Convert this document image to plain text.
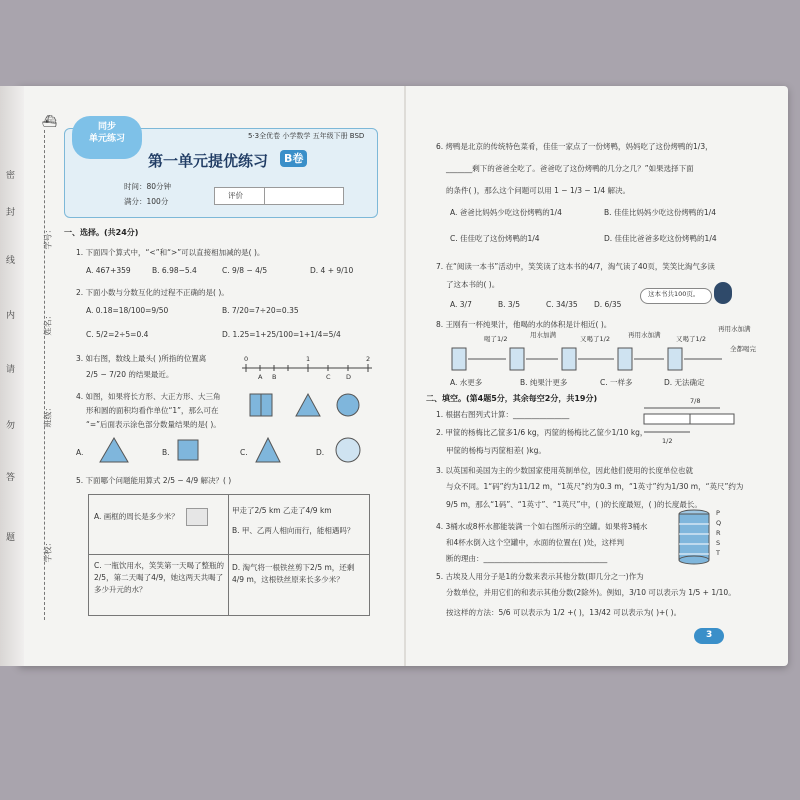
密
封
线
内
请
勿
答
题
学号：
姓名：
班级：
学校：
⛴	同步
单元练习	5·3全优卷 小学数学 五年级下册 BSD
第一单元提优练习	B卷
时间：80分钟
满分：100分
评价
一、选择。(共24分)
1. 下面四个算式中，“<”和“>”可以直接相加减的是( )。
A. 467+359	B. 6.98−5.4	C. 9/8 − 4/5	D. 4 + 9/10
2. 下面小数与分数互化的过程不正确的是( )。
A. 0.18=18/100=9/50	B. 7/20=7÷20=0.35
C. 5/2=2÷5=0.4	D. 1.25=1+25/100=1+1/4=5/4
3. 如右图，数线上最头( )所指的位置离
2/5 − 7/20 的结果最近。
0	1	2
A B	C D
4. 如图，如果将长方形、大正方形、大三角
形和圆的面积均看作单位“1”，那么可在
“=”后面表示涂色部分数量结果的是( )。
A.	B.	C.	D.
5. 下面哪个问题能用算式 2/5 − 4/9 解决？( )
A. 画框的周长是多少米？
甲走了2/5 km 乙走了4/9 km
B. 甲、乙两人相向而行，能相遇吗？
C. 一瓶饮用水，笑笑第一天喝了整瓶的2/5，第二天喝了4/9，她这两天共喝了多少升元的水？
D. 淘气将一根铁丝剪下2/5 m，还剩4/9 m，这根铁丝原来长多少米？
6. 烤鸭是北京的传统特色菜肴，佳佳一家点了一份烤鸭，妈妈吃了这份烤鸭的1/3，
_______剩下的爸爸全吃了。爸爸吃了这份烤鸭的几分之几？”如果选择下面
的条件( )，那么这个问题可以用 1 − 1/3 − 1/4 解决。
A. 爸爸比妈妈少吃这份烤鸭的1/4	B. 佳佳比妈妈少吃这份烤鸭的1/4
C. 佳佳吃了这份烤鸭的1/4	D. 佳佳比爸爸多吃这份烤鸭的1/4
7. 在“阅读一本书”活动中，笑笑读了这本书的4/7，淘气读了40页，笑笑比淘气多读
了这本书的( )。
A. 3/7	B. 3/5	C. 34/35 D. 6/35
这本书共100页。
8. 王刚有一杯纯果汁，他喝的水的体积是计相近( )。
喝了1/2	用水加满	又喝了1/2	再用水加满 又喝了1/2
再用水加满
全都喝完
A. 水更多	B. 纯果汁更多	C. 一样多	D. 无法确定
二、填空。(第4题5分，其余每空2分，共19分)
1. 根据右图列式计算：_______________
7/8
1/2
2. 甲筐的杨梅比乙筐多1/6 kg，丙筐的杨梅比乙筐少1/10 kg，
甲筐的杨梅与丙筐相差( )kg。
3. 以英国和美国为主的少数国家使用英制单位，因此他们使用的长度单位也就
与众不同。1“码”约为11/12 m，“1英尺”约为0.3 m，“1英寸”约为1/30 m，“英尺”约为
9/5 m，那么“1码”、“1英寸”、“1英尺”中，( )的长度最短，( )的长度最长。
4. 3桶水或8杯水都能装满一个如右图所示的空罐。如果将3桶水
和4杯水倒入这个空罐中，水面的位置在( )处，这样判
断的理由：_________________________________
P
Q
R
S
T
5. 古埃及人用分子是1的分数来表示其他分数(即几分之一)作为
分数单位，并用它们的和表示其他分数(2除外)。例如，3/10 可以表示为 1/5 + 1/10。
按这样的方法：5/6 可以表示为 1/2 +( )，13/42 可以表示为( )+( )。
3
